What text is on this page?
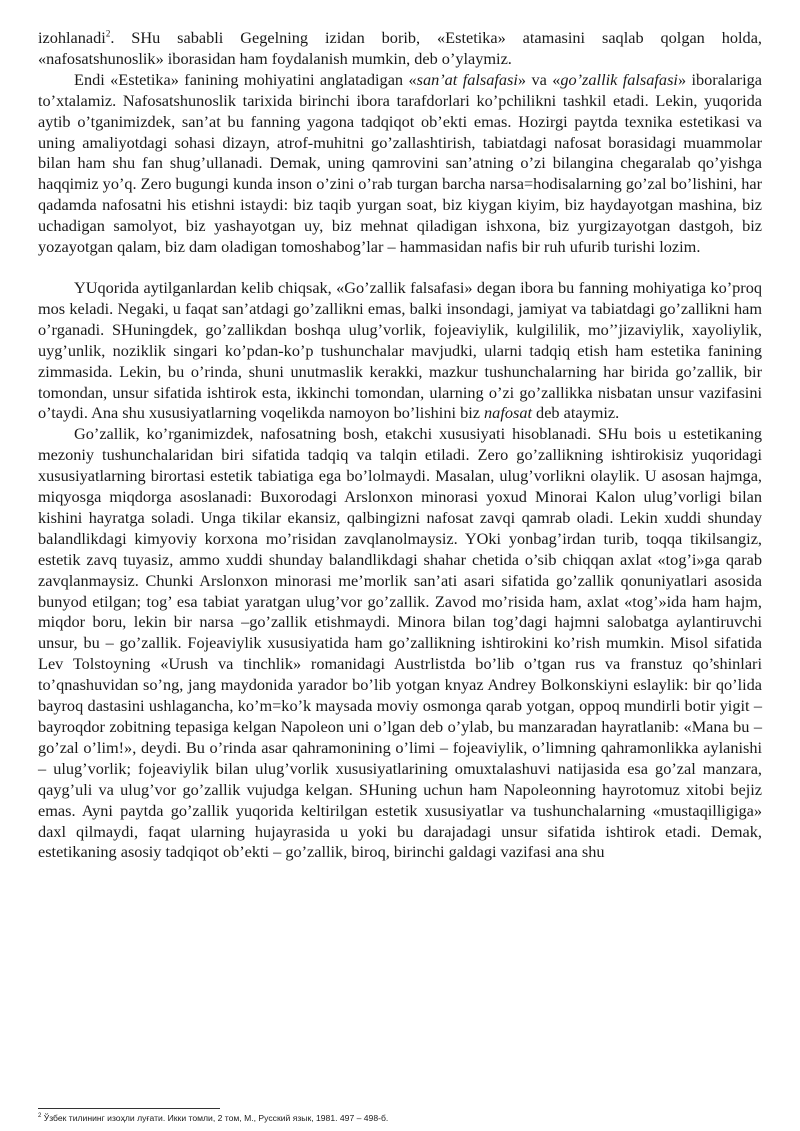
izohlanadi$^2$. SHu sababli Gegelning izidan borib, «Estetika» atamasini saqlab qolgan holda, «nafosatshunoslik» iborasidan ham foydalanish mumkin, deb o’ylaymiz.

Endi «Estetika» fanining mohiyatini anglatadigan «san’at falsafasi» va «go’zallik falsafasi» iboralariga to’xtalamiz. Nafosatshunoslik tarixida birinchi ibora tarafdorlari ko’pchilikni tashkil etadi. Lekin, yuqorida aytib o’tganimizdek, san’at bu fanning yagona tadqiqot ob’ekti emas. Hozirgi paytda texnika estetikasi va uning amaliyotdagi sohasi dizayn, atrof-muhitni go’zallashtirish, tabiatdagi nafosat borasidagi muammolar bilan ham shu fan shug’ullanadi. Demak, uning qamrovini san’atning o’zi bilangina chegaralab qo’yishga haqqimiz yo’q. Zero bugungi kunda inson o’zini o’rab turgan barcha narsa=hodisalarning go’zal bo’lishini, har qadamda nafosatni his etishni istaydi: biz taqib yurgan soat, biz kiygan kiyim, biz haydayotgan mashina, biz uchadigan samolyot, biz yashayotgan uy, biz mehnat qiladigan ishxona, biz yurgizayotgan dastgoh, biz yozayotgan qalam, biz dam oladigan tomoshabog’lar – hammasidan nafis bir ruh ufurib turishi lozim.

YUqorida aytilganlardan kelib chiqsak, «Go’zallik falsafasi» degan ibora bu fanning mohiyatiga ko’proq mos keladi. Negaki, u faqat san’atdagi go’zallikni emas, balki insondagi, jamiyat va tabiatdagi go’zallikni ham o’rganadi. SHuningdek, go’zallikdan boshqa ulug’vorlik, fojeaviylik, kulgililik, mo’’jizaviylik, xayoliylik, uyg’unlik, noziklik singari ko’pdan-ko’p tushunchalar mavjudki, ularni tadqiq etish ham estetika fanining zimmasida. Lekin, bu o’rinda, shuni unutmaslik kerakki, mazkur tushunchalarning har birida go’zallik, bir tomondan, unsur sifatida ishtirok esta, ikkinchi tomondan, ularning o’zi go’zallikka nisbatan unsur vazifasini o’taydi. Ana shu xususiyatlarning voqelikda namoyon bo’lishini biz nafosat deb ataymiz.

Go’zallik, ko’rganimizdek, nafosatning bosh, etakchi xususiyati hisoblanadi. SHu bois u estetikaning mezoniy tushunchalaridan biri sifatida tadqiq va talqin etiladi. Zero go’zallikning ishtirokisiz yuqoridagi xususiyatlarning birortasi estetik tabiatiga ega bo’lolmaydi. Masalan, ulug’vorlikni olaylik. U asosan hajmga, miqyosga miqdorga asoslanadi: Buxorodagi Arslonxon minorasi yoxud Minorai Kalon ulug’vorligi bilan kishini hayratga soladi. Unga tikilar ekansiz, qalbingizni nafosat zavqi qamrab oladi. Lekin xuddi shunday balandlikdagi kimyoviy korxona mo’risidan zavqlanolmaysiz. YOki yonbag’irdan turib, toqqa tikilsangiz, estetik zavq tuyasiz, ammo xuddi shunday balandlikdagi shahar chetida o’sib chiqqan axlat «tog’i»ga qarab zavqlanmaysiz. Chunki Arslonxon minorasi me’morlik san’ati asari sifatida go’zallik qonuniyatlari asosida bunyod etilgan; tog’ esa tabiat yaratgan ulug’vor go’zallik. Zavod mo’risida ham, axlat «tog’»ida ham hajm, miqdor boru, lekin bir narsa –go’zallik etishmaydi. Minora bilan tog’dagi hajmni salobatga aylantiruvchi unsur, bu – go’zallik. Fojeaviylik xususiyatida ham go’zallikning ishtirokini ko’rish mumkin. Misol sifatida Lev Tolstoyning «Urush va tinchlik» romanidagi Austrlistda bo’lib o’tgan rus va franstuz qo’shinlari to’qnashuvidan so’ng, jang maydonida yarador bo’lib yotgan knyaz Andrey Bolkonskiyni eslaylik: bir qo’lida bayroq dastasini ushlagancha, ko’m=ko’k maysada moviy osmonga qarab yotgan, oppoq mundirli botir yigit – bayroqdor zobitning tepasiga kelgan Napoleon uni o’lgan deb o’ylab, bu manzaradan hayratlanib: «Mana bu – go’zal o’lim!», deydi. Bu o’rinda asar qahramonining o’limi – fojeaviylik, o’limning qahramonlikka aylanishi – ulug’vorlik; fojeaviylik bilan ulug’vorlik xususiyatlarining omuxtalashuvi natijasida esa go’zal manzara, qayg’uli va ulug’vor go’zallik vujudga kelgan. SHuning uchun ham Napoleonning hayrotomuz xitobi bejiz emas. Ayni paytda go’zallik yuqorida keltirilgan estetik xususiyatlar va tushunchalarning «mustaqilligiga» daxl qilmaydi, faqat ularning hujayrasida u yoki bu darajadagi unsur sifatida ishtirok etadi. Demak, estetikaning asosiy tadqiqot ob’ekti – go’zallik, biroq, birinchi galdagi vazifasi ana shu

$^2$ Ўзбек тилининг изоҳли луғати. Икки томли, 2 том, М., Русский язык, 1981. 497 – 498-б.
